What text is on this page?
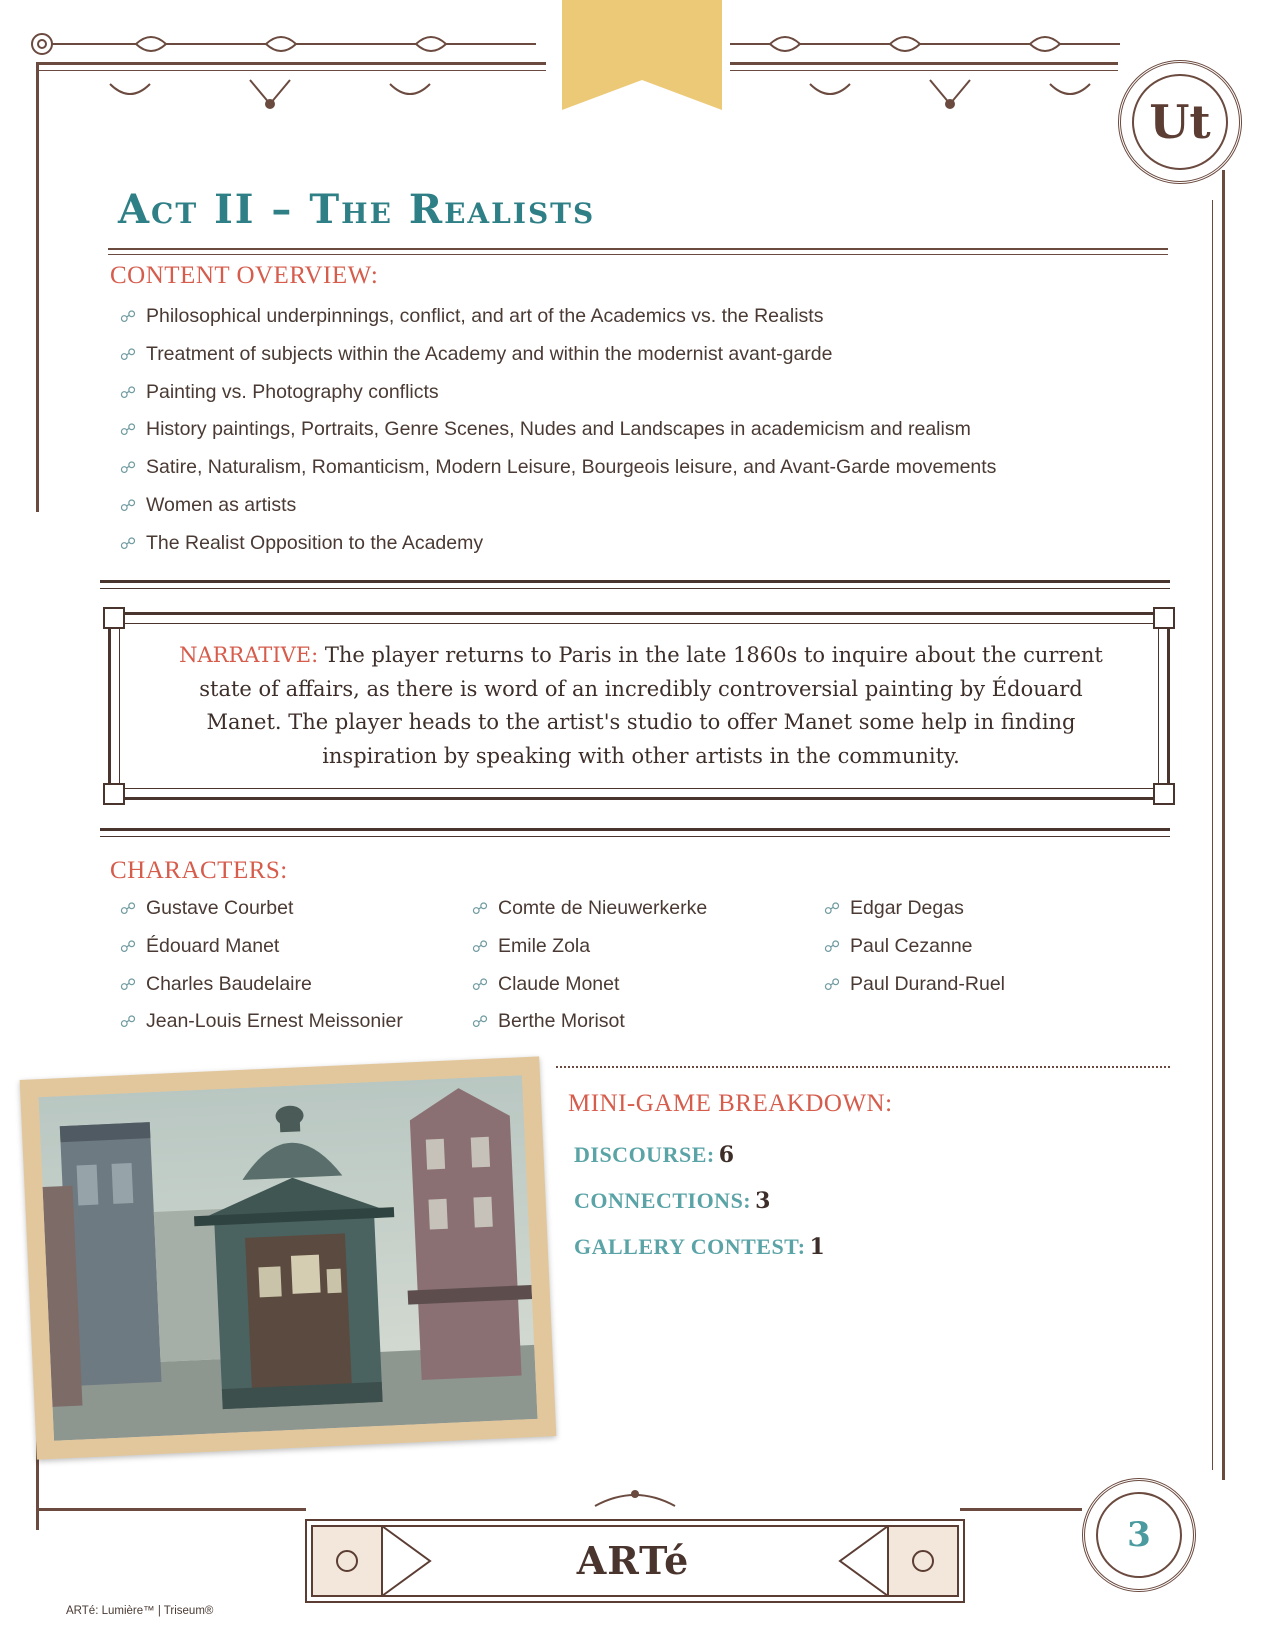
Ut
Act II – The Realists
CONTENT OVERVIEW:
☍ Philosophical underpinnings, conflict, and art of the Academics vs. the Realists
☍ Treatment of subjects within the Academy and within the modernist avant-garde
☍ Painting vs. Photography conflicts
☍ History paintings, Portraits, Genre Scenes, Nudes and Landscapes in academicism and realism
☍ Satire, Naturalism, Romanticism, Modern Leisure, Bourgeois leisure, and Avant-Garde movements
☍ Women as artists
☍ The Realist Opposition to the Academy
NARRATIVE: The player returns to Paris in the late 1860s to inquire about the current state of affairs, as there is word of an incredibly controversial painting by Édouard Manet. The player heads to the artist's studio to offer Manet some help in finding inspiration by speaking with other artists in the community.
CHARACTERS:
☍ Gustave Courbet
☍ Édouard Manet
☍ Charles Baudelaire
☍ Jean-Louis Ernest Meissonier
☍ Comte de Nieuwerkerke
☍ Emile Zola
☍ Claude Monet
☍ Berthe Morisot
☍ Edgar Degas
☍ Paul Cezanne
☍ Paul Durand-Ruel
MINI-GAME BREAKDOWN:
DISCOURSE: 6
CONNECTIONS: 3
GALLERY CONTEST: 1
ARTé
3
ARTé: Lumière™ | Triseum®
